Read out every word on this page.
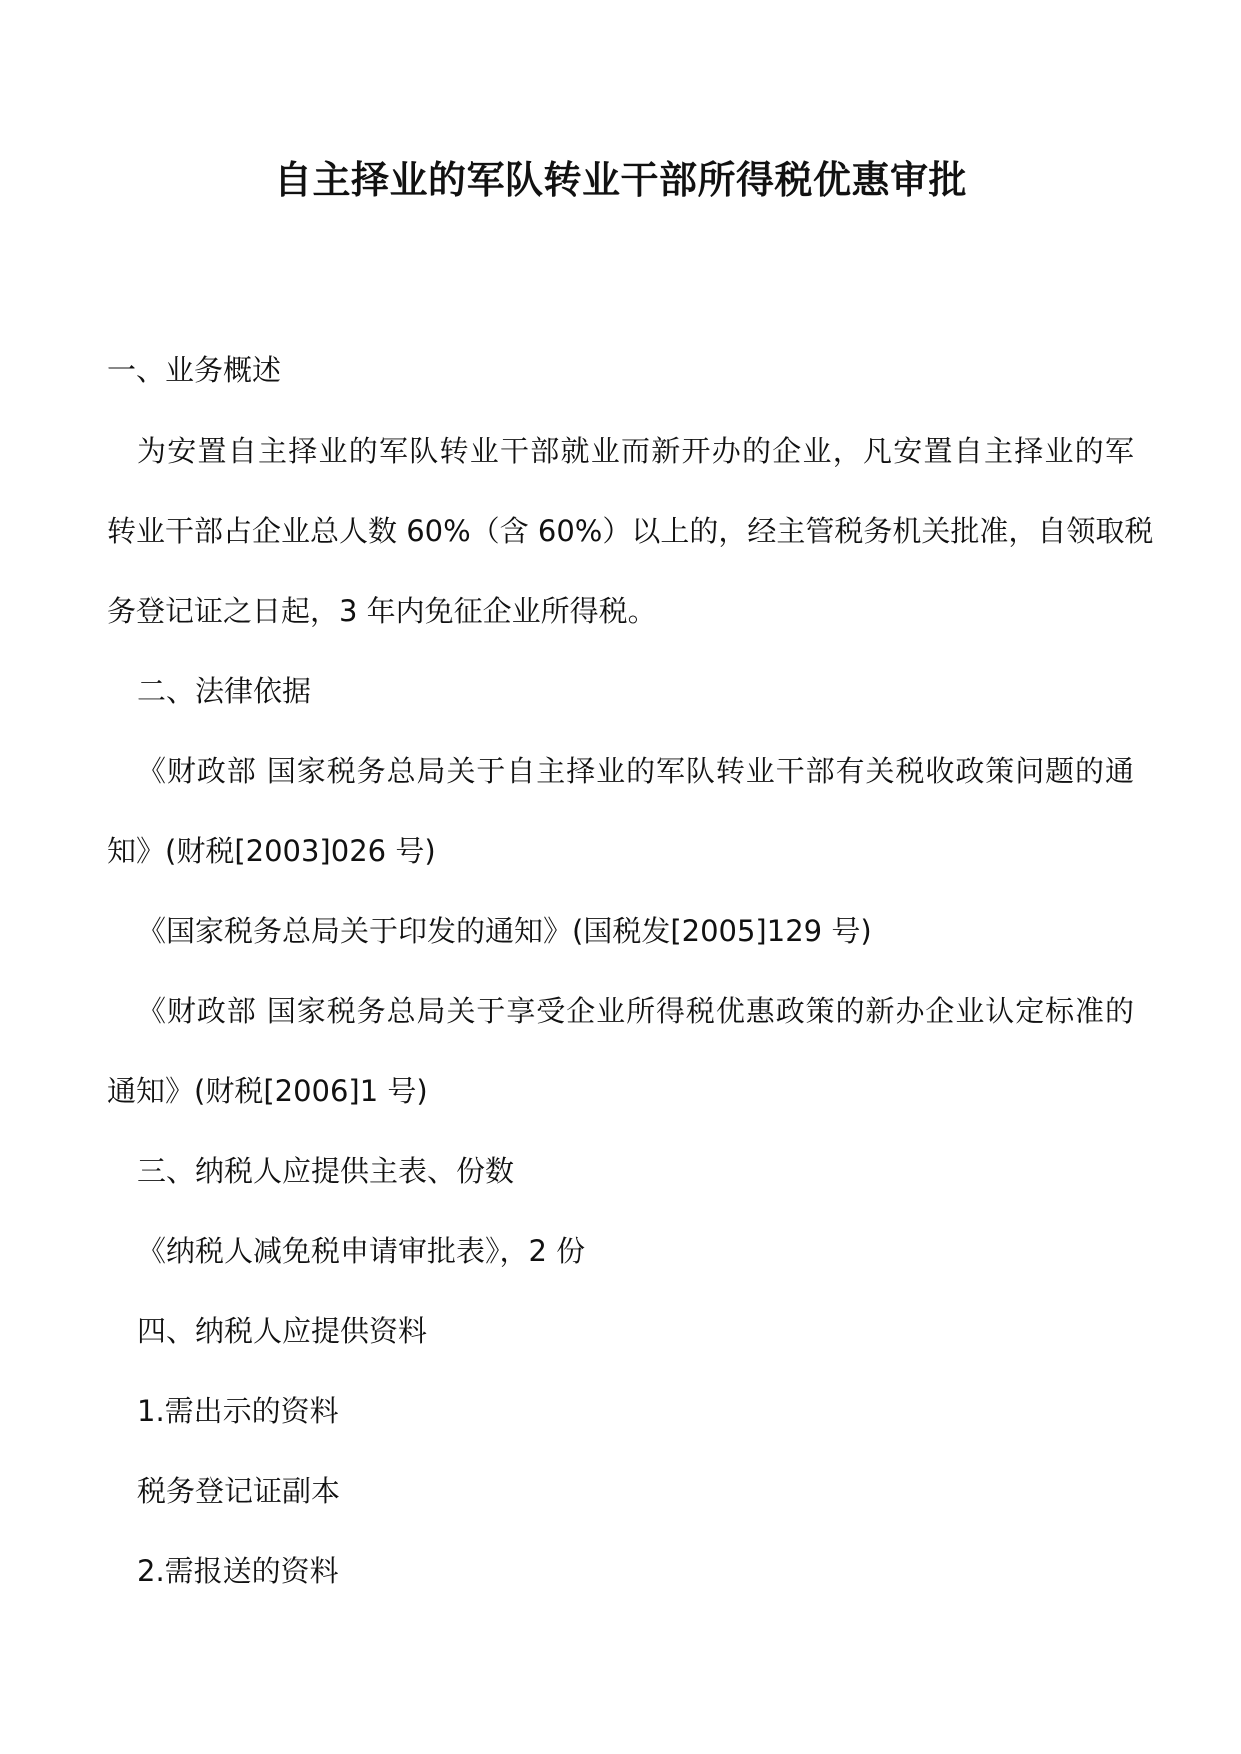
自主择业的军队转业干部所得税优惠审批

一、业务概述

为安置自主择业的军队转业干部就业而新开办的企业，凡安置自主择业的军

转业干部占企业总人数 60%（含 60%）以上的，经主管税务机关批准，自领取税

务登记证之日起，3 年内免征企业所得税。

二、法律依据

《财政部 国家税务总局关于自主择业的军队转业干部有关税收政策问题的通

知》(财税[2003]026 号)

《国家税务总局关于印发的通知》(国税发[2005]129 号)

《财政部 国家税务总局关于享受企业所得税优惠政策的新办企业认定标准的

通知》(财税[2006]1 号)

三、纳税人应提供主表、份数

《纳税人减免税申请审批表》，2 份

四、纳税人应提供资料

1.需出示的资料

税务登记证副本

2.需报送的资料
